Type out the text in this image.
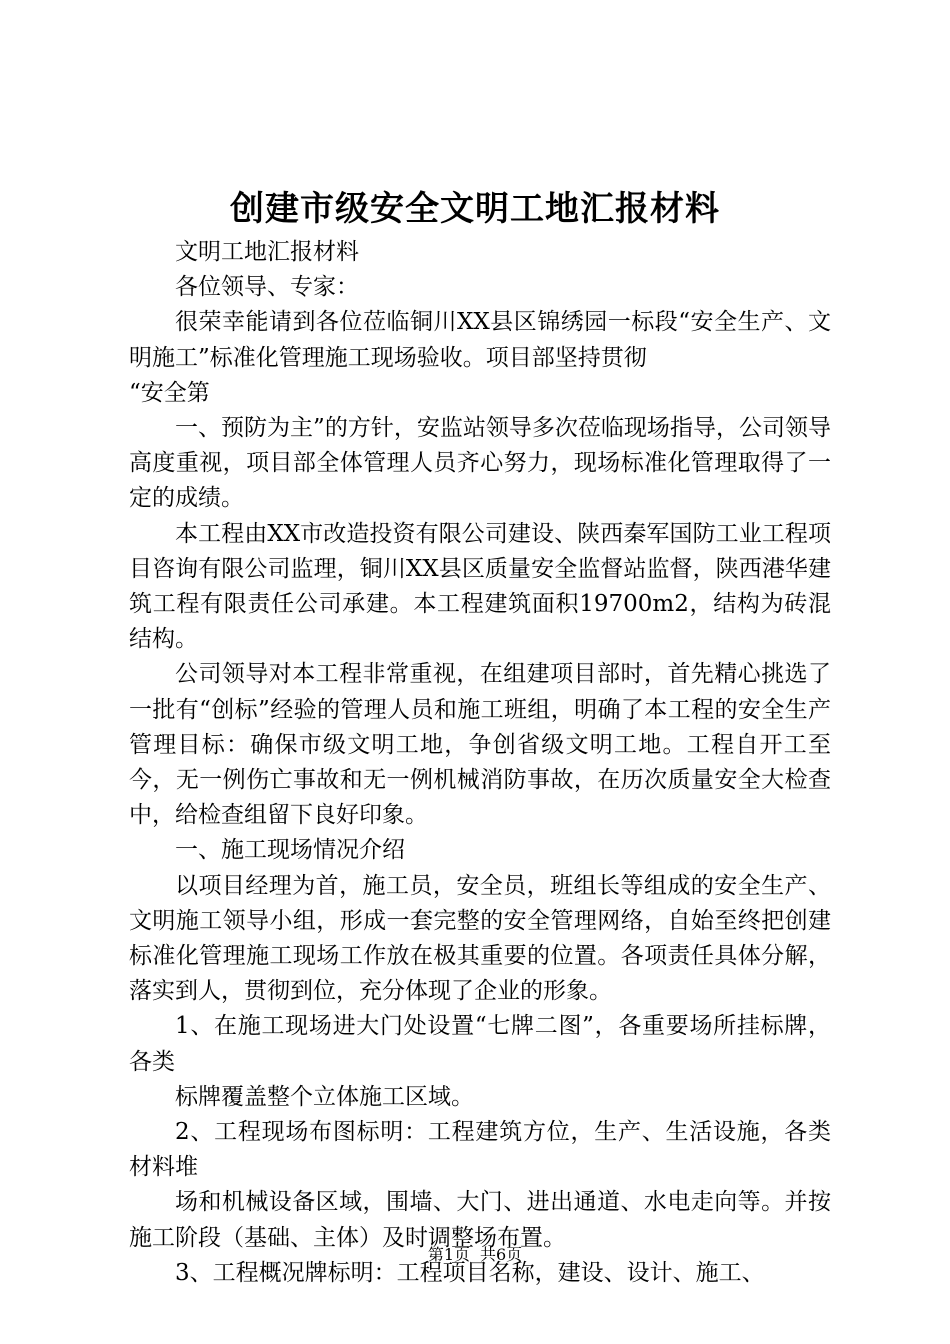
创建市级安全文明工地汇报材料

文明工地汇报材料

各位领导、专家：

很荣幸能请到各位莅临铜川XX县区锦绣园一标段“安全生产、文明施工”标准化管理施工现场验收。项目部坚持贯彻

“安全第

一、预防为主”的方针，安监站领导多次莅临现场指导，公司领导高度重视，项目部全体管理人员齐心努力，现场标准化管理取得了一定的成绩。

本工程由XX市改造投资有限公司建设、陕西秦军国防工业工程项目咨询有限公司监理，铜川XX县区质量安全监督站监督，陕西港华建筑工程有限责任公司承建。本工程建筑面积19700m2，结构为砖混结构。

公司领导对本工程非常重视，在组建项目部时，首先精心挑选了一批有“创标”经验的管理人员和施工班组，明确了本工程的安全生产管理目标：确保市级文明工地，争创省级文明工地。工程自开工至今，无一例伤亡事故和无一例机械消防事故，在历次质量安全大检查中，给检查组留下良好印象。

一、施工现场情况介绍

以项目经理为首，施工员，安全员，班组长等组成的安全生产、文明施工领导小组，形成一套完整的安全管理网络，自始至终把创建标准化管理施工现场工作放在极其重要的位置。各项责任具体分解，落实到人，贯彻到位，充分体现了企业的形象。

1、在施工现场进大门处设置“七牌二图”，各重要场所挂标牌，各类

标牌覆盖整个立体施工区域。

2、工程现场布图标明：工程建筑方位，生产、生活设施，各类材料堆

场和机械设备区域，围墙、大门、进出通道、水电走向等。并按施工阶段（基础、主体）及时调整场布置。

3、工程概况牌标明：工程项目名称，建设、设计、施工、

第1页 共6页
